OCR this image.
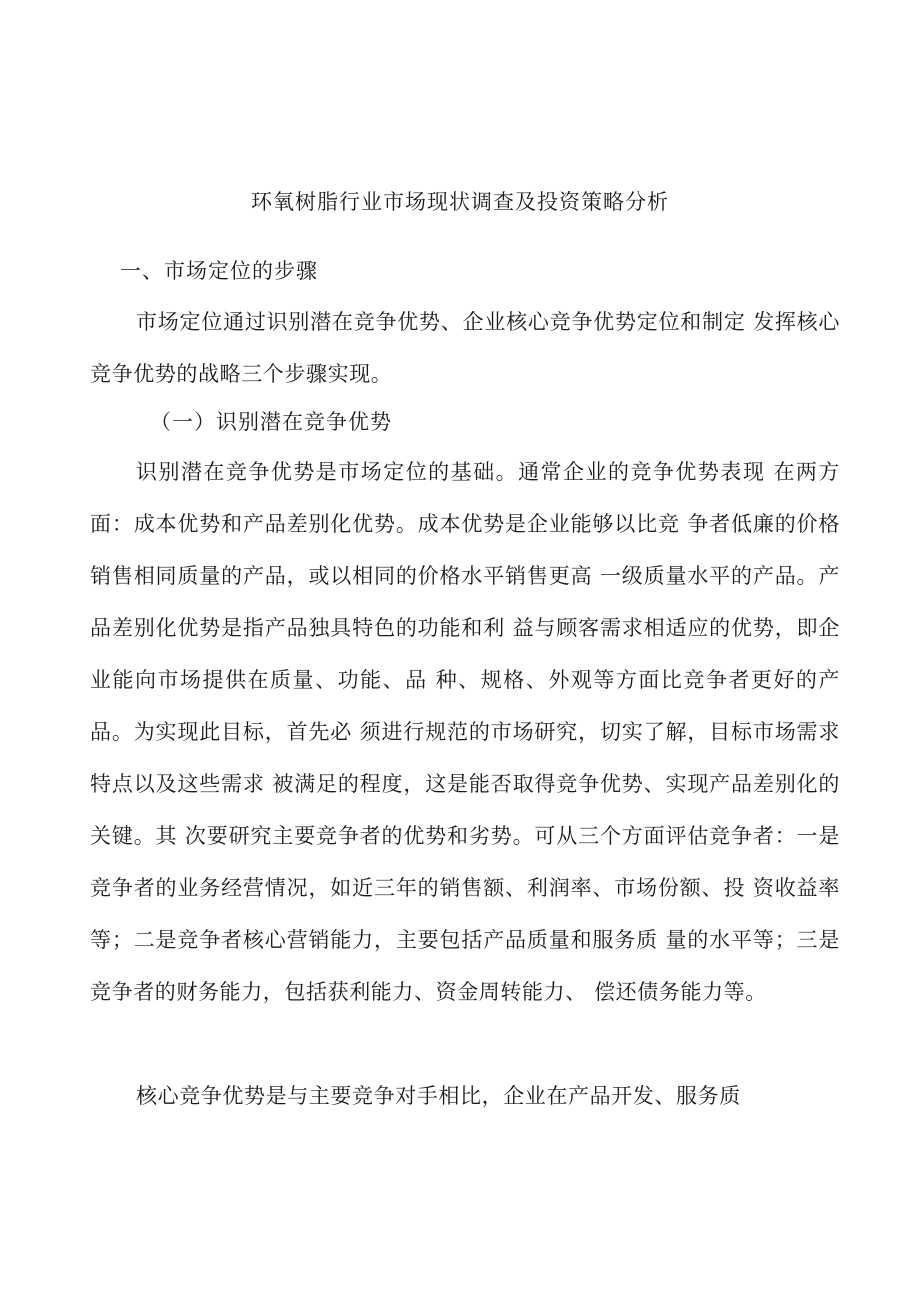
环氧树脂行业市场现状调查及投资策略分析
一、市场定位的步骤

市场定位通过识别潜在竞争优势、企业核心竞争优势定位和制定 发挥核心竞争优势的战略三个步骤实现。

（一）识别潜在竞争优势

识别潜在竞争优势是市场定位的基础。通常企业的竞争优势表现 在两方面：成本优势和产品差别化优势。成本优势是企业能够以比竞 争者低廉的价格销售相同质量的产品，或以相同的价格水平销售更高 一级质量水平的产品。产品差别化优势是指产品独具特色的功能和利 益与顾客需求相适应的优势，即企业能向市场提供在质量、功能、品 种、规格、外观等方面比竞争者更好的产品。为实现此目标，首先必 须进行规范的市场研究，切实了解，目标市场需求特点以及这些需求 被满足的程度，这是能否取得竞争优势、实现产品差别化的关键。其 次要研究主要竞争者的优势和劣势。可从三个方面评估竞争者：一是 竞争者的业务经营情况，如近三年的销售额、利润率、市场份额、投 资收益率等；二是竞争者核心营销能力，主要包括产品质量和服务质 量的水平等；三是竞争者的财务能力，包括获利能力、资金周转能力、 偿还债务能力等。

核心竞争优势是与主要竞争对手相比，企业在产品开发、服务质
